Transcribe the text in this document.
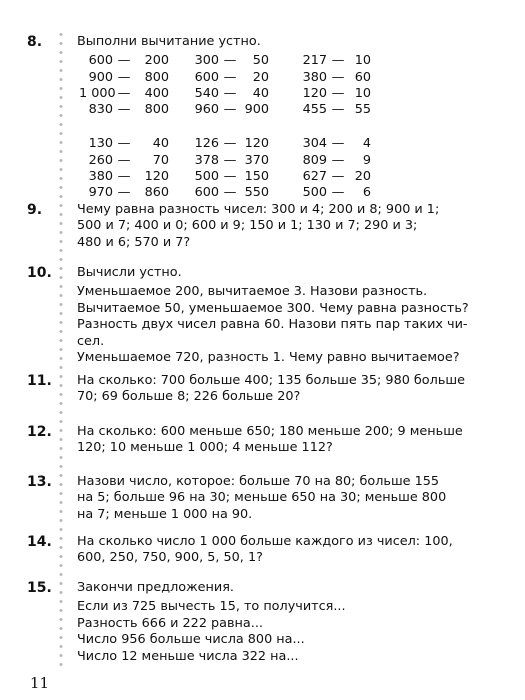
8.	Выполни вычитание устно.

600 — 200
900 — 800
1 000 — 400
830 — 800
300 — 50
600 — 20
540 — 40
960 — 900
217 — 10
380 — 60
120 — 10
455 — 55
130 — 40
260 — 70
380 — 120
970 — 860
126 — 120
378 — 370
500 — 150
600 — 550
304 — 4
809 — 9
627 — 20
500 — 6
9.	Чему равна разность чисел: 300 и 4; 200 и 8; 900 и 1;

500 и 7; 400 и 0; 600 и 9; 150 и 1; 130 и 7; 290 и 3;

480 и 6; 570 и 7?

10. Вычисли устно.

Уменьшаемое 200, вычитаемое 3. Назови разность.

Вычитаемое 50, уменьшаемое 300. Чему равна разность?

Разность двух чисел равна 60. Назови пять пар таких чи-

сел.

Уменьшаемое 720, разность 1. Чему равно вычитаемое?

11. На сколько: 700 больше 400; 135 больше 35; 980 больше

70; 69 больше 8; 226 больше 20?

12. На сколько: 600 меньше 650; 180 меньше 200; 9 меньше

120; 10 меньше 1 000; 4 меньше 112?

13. Назови число, которое: больше 70 на 80; больше 155

на 5; больше 96 на 30; меньше 650 на 30; меньше 800

на 7; меньше 1 000 на 90.

14. На сколько число 1 000 больше каждого из чисел: 100,

600, 250, 750, 900, 5, 50, 1?

15. Закончи предложения.

Если из 725 вычесть 15, то получится...

Разность 666 и 222 равна...

Число 956 больше числа 800 на...

Число 12 меньше числа 322 на...

11
